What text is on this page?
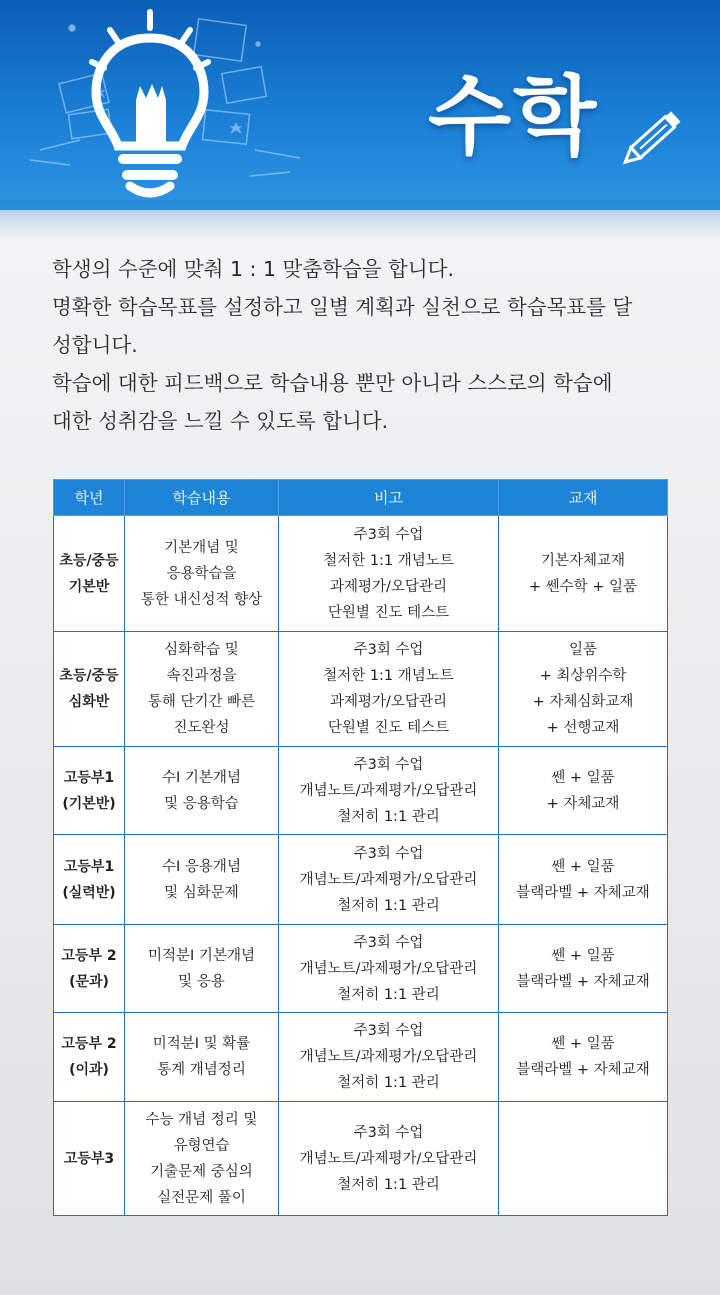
수학

학생의 수준에 맞춰 1 : 1 맞춤학습을 합니다.

명확한 학습목표를 설정하고 일별 계획과 실천으로 학습목표를 달

성합니다.

학습에 대한 피드백으로 학습내용 뿐만 아니라 스스로의 학습에

대한 성취감을 느낄 수 있도록 합니다.

학년	학습내용	비고	교재

초등/중등
기본반	기본개념 및
응용학습을
통한 내신성적 향상	주3회 수업
철저한 1:1 개념노트
과제평가/오답관리
단원별 진도 테스트	기본자체교재
+ 쎈수학 + 일품

초등/중등
심화반	심화학습 및
속진과정을
통해 단기간 빠른
진도완성	주3회 수업
철저한 1:1 개념노트
과제평가/오답관리
단원별 진도 테스트	일품
+ 최상위수학
+ 자체심화교재
+ 선행교재

고등부1
(기본반)	수Ⅰ 기본개념
및 응용학습	주3회 수업
개념노트/과제평가/오답관리
철저히 1:1 관리	쎈 + 일품
+ 자체교재

고등부1
(실력반)	수Ⅰ 응용개념
및 심화문제	주3회 수업
개념노트/과제평가/오답관리
철저히 1:1 관리	쎈 + 일품
블랙라벨 + 자체교재

고등부 2
(문과)	미적분Ⅰ 기본개념
및 응용	주3회 수업
개념노트/과제평가/오답관리
철저히 1:1 관리	쎈 + 일품
블랙라벨 + 자체교재

고등부 2
(이과)	미적분Ⅰ 및 확률
통계 개념정리	주3회 수업
개념노트/과제평가/오답관리
철저히 1:1 관리	쎈 + 일품
블랙라벨 + 자체교재

고등부3	수능 개념 정리 및
유형연습
기출문제 중심의
실전문제 풀이	주3회 수업
개념노트/과제평가/오답관리
철저히 1:1 관리	
